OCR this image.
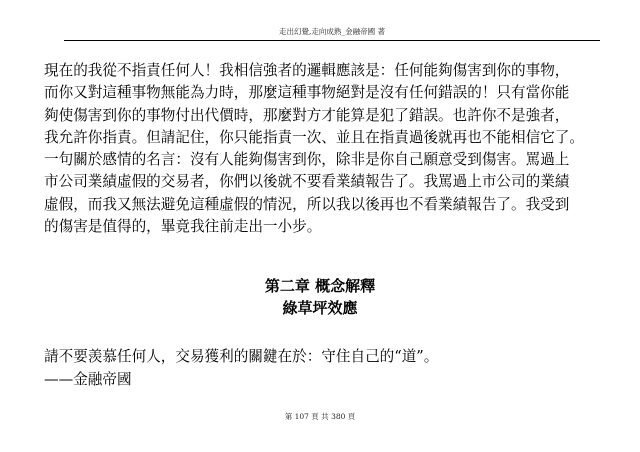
走出幻覺,走向成熟_金融帝國 著
現在的我從不指責任何人！我相信強者的邏輯應該是：任何能夠傷害到你的事物，
而你又對這種事物無能為力時，那麼這種事物絕對是沒有任何錯誤的！只有當你能
夠使傷害到你的事物付出代價時，那麼對方才能算是犯了錯誤。也許你不是強者，
我允許你指責。但請記住，你只能指責一次、並且在指責過後就再也不能相信它了。
一句關於感情的名言：沒有人能夠傷害到你，除非是你自己願意受到傷害。罵過上
市公司業績虛假的交易者，你們以後就不要看業績報告了。我罵過上市公司的業績
虛假，而我又無法避免這種虛假的情況，所以我以後再也不看業績報告了。我受到
的傷害是值得的，畢竟我往前走出一小步。
第二章 概念解釋
綠草坪效應
請不要羡慕任何人，交易獲利的關鍵在於：守住自己的“道”。
——金融帝國
第 107 頁 共 380 頁
